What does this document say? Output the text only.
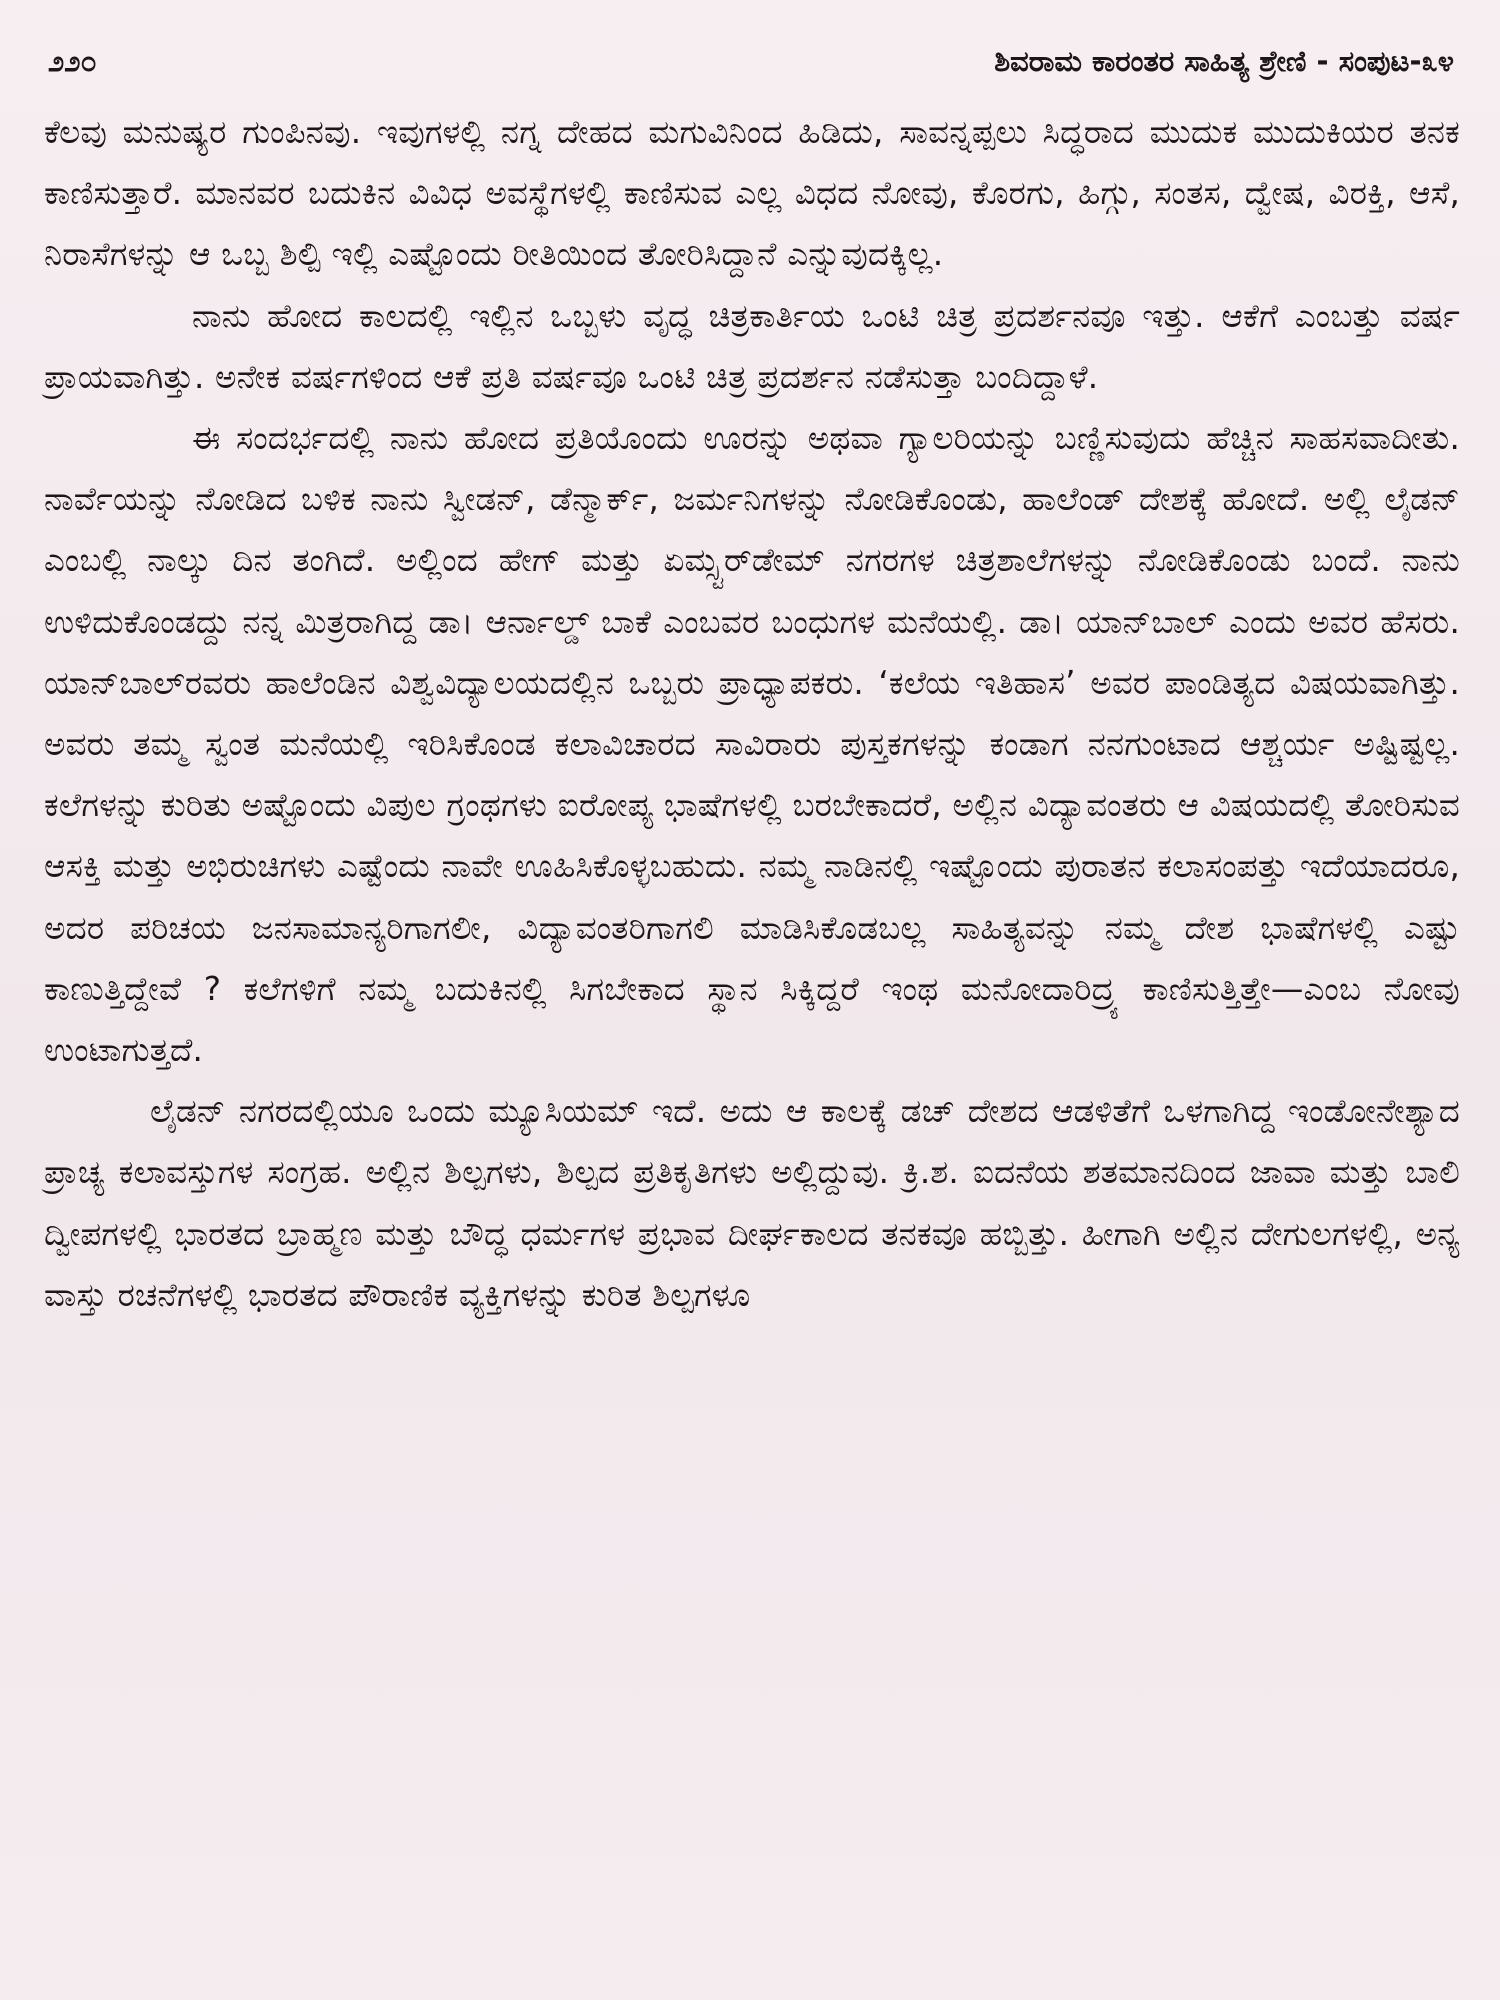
೨೨೦	ಶಿವರಾಮ ಕಾರಂತರ ಸಾಹಿತ್ಯ ಶ್ರೇಣಿ - ಸಂಪುಟ-೩೪

ಕೆಲವು ಮನುಷ್ಯರ ಗುಂಪಿನವು. ಇವುಗಳಲ್ಲಿ ನಗ್ನ ದೇಹದ ಮಗುವಿನಿಂದ ಹಿಡಿದು, ಸಾವನ್ನಪ್ಪಲು ಸಿದ್ಧರಾದ ಮುದುಕ ಮುದುಕಿಯರ ತನಕ ಕಾಣಿಸುತ್ತಾರೆ. ಮಾನವರ ಬದುಕಿನ ವಿವಿಧ ಅವಸ್ಥೆಗಳಲ್ಲಿ ಕಾಣಿಸುವ ಎಲ್ಲ ವಿಧದ ನೋವು, ಕೊರಗು, ಹಿಗ್ಗು, ಸಂತಸ, ದ್ವೇಷ, ವಿರಕ್ತಿ, ಆಸೆ, ನಿರಾಸೆಗಳನ್ನು ಆ ಒಬ್ಬ ಶಿಲ್ಪಿ ಇಲ್ಲಿ ಎಷ್ಟೊಂದು ರೀತಿಯಿಂದ ತೋರಿಸಿದ್ದಾನೆ ಎನ್ನುವುದಕ್ಕಿಲ್ಲ.

ನಾನು ಹೋದ ಕಾಲದಲ್ಲಿ ಇಲ್ಲಿನ ಒಬ್ಬಳು ವೃದ್ಧ ಚಿತ್ರಕಾರ್ತಿಯ ಒಂಟಿ ಚಿತ್ರ ಪ್ರದರ್ಶನವೂ ಇತ್ತು. ಆಕೆಗೆ ಎಂಬತ್ತು ವರ್ಷ ಪ್ರಾಯವಾಗಿತ್ತು. ಅನೇಕ ವರ್ಷಗಳಿಂದ ಆಕೆ ಪ್ರತಿ ವರ್ಷವೂ ಒಂಟಿ ಚಿತ್ರ ಪ್ರದರ್ಶನ ನಡೆಸುತ್ತಾ ಬಂದಿದ್ದಾಳೆ.

ಈ ಸಂದರ್ಭದಲ್ಲಿ ನಾನು ಹೋದ ಪ್ರತಿಯೊಂದು ಊರನ್ನು ಅಥವಾ ಗ್ಯಾಲರಿಯನ್ನು ಬಣ್ಣಿಸುವುದು ಹೆಚ್ಚಿನ ಸಾಹಸವಾದೀತು. ನಾರ್ವೆಯನ್ನು ನೋಡಿದ ಬಳಿಕ ನಾನು ಸ್ವೀಡನ್, ಡೆನ್ಮಾರ್ಕ್, ಜರ್ಮನಿಗಳನ್ನು ನೋಡಿಕೊಂಡು, ಹಾಲೆಂಡ್ ದೇಶಕ್ಕೆ ಹೋದೆ. ಅಲ್ಲಿ ಲೈಡನ್ ಎಂಬಲ್ಲಿ ನಾಲ್ಕು ದಿನ ತಂಗಿದೆ. ಅಲ್ಲಿಂದ ಹೇಗ್ ಮತ್ತು ಏಮ್ಸ್ಟರ್‌ಡೇಮ್ ನಗರಗಳ ಚಿತ್ರಶಾಲೆಗಳನ್ನು ನೋಡಿಕೊಂಡು ಬಂದೆ. ನಾನು ಉಳಿದುಕೊಂಡದ್ದು ನನ್ನ ಮಿತ್ರರಾಗಿದ್ದ ಡಾ। ಆರ್ನಾಲ್ಡ್ ಬಾಕೆ ಎಂಬವರ ಬಂಧುಗಳ ಮನೆಯಲ್ಲಿ. ಡಾ। ಯಾನ್‌ಬಾಲ್ ಎಂದು ಅವರ ಹೆಸರು. ಯಾನ್‌ಬಾಲ್‌ರವರು ಹಾಲೆಂಡಿನ ವಿಶ್ವವಿದ್ಯಾಲಯದಲ್ಲಿನ ಒಬ್ಬರು ಪ್ರಾಧ್ಯಾಪಕರು. ‘ಕಲೆಯ ಇತಿಹಾಸ’ ಅವರ ಪಾಂಡಿತ್ಯದ ವಿಷಯವಾಗಿತ್ತು. ಅವರು ತಮ್ಮ ಸ್ವಂತ ಮನೆಯಲ್ಲಿ ಇರಿಸಿಕೊಂಡ ಕಲಾವಿಚಾರದ ಸಾವಿರಾರು ಪುಸ್ತಕಗಳನ್ನು ಕಂಡಾಗ ನನಗುಂಟಾದ ಆಶ್ಚರ್ಯ ಅಷ್ಟಿಷ್ಟಲ್ಲ. ಕಲೆಗಳನ್ನು ಕುರಿತು ಅಷ್ಟೊಂದು ವಿಪುಲ ಗ್ರಂಥಗಳು ಐರೋಪ್ಯ ಭಾಷೆಗಳಲ್ಲಿ ಬರಬೇಕಾದರೆ, ಅಲ್ಲಿನ ವಿದ್ಯಾವಂತರು ಆ ವಿಷಯದಲ್ಲಿ ತೋರಿಸುವ ಆಸಕ್ತಿ ಮತ್ತು ಅಭಿರುಚಿಗಳು ಎಷ್ಟೆಂದು ನಾವೇ ಊಹಿಸಿಕೊಳ್ಳಬಹುದು. ನಮ್ಮ ನಾಡಿನಲ್ಲಿ ಇಷ್ಟೊಂದು ಪುರಾತನ ಕಲಾಸಂಪತ್ತು ಇದೆಯಾದರೂ, ಅದರ ಪರಿಚಯ ಜನಸಾಮಾನ್ಯರಿಗಾಗಲೀ, ವಿದ್ಯಾವಂತರಿಗಾಗಲಿ ಮಾಡಿಸಿಕೊಡಬಲ್ಲ ಸಾಹಿತ್ಯವನ್ನು ನಮ್ಮ ದೇಶ ಭಾಷೆಗಳಲ್ಲಿ ಎಷ್ಟು ಕಾಣುತ್ತಿದ್ದೇವೆ ? ಕಲೆಗಳಿಗೆ ನಮ್ಮ ಬದುಕಿನಲ್ಲಿ ಸಿಗಬೇಕಾದ ಸ್ಥಾನ ಸಿಕ್ಕಿದ್ದರೆ ಇಂಥ ಮನೋದಾರಿದ್ರ್ಯ ಕಾಣಿಸುತ್ತಿತ್ತೇ—ಎಂಬ ನೋವು ಉಂಟಾಗುತ್ತದೆ.

ಲೈಡನ್ ನಗರದಲ್ಲಿಯೂ ಒಂದು ಮ್ಯೂಸಿಯಮ್ ಇದೆ. ಅದು ಆ ಕಾಲಕ್ಕೆ ಡಚ್ ದೇಶದ ಆಡಳಿತೆಗೆ ಒಳಗಾಗಿದ್ದ ಇಂಡೋನೇಶ್ಯಾದ ಪ್ರಾಚ್ಯ ಕಲಾವಸ್ತುಗಳ ಸಂಗ್ರಹ. ಅಲ್ಲಿನ ಶಿಲ್ಪಗಳು, ಶಿಲ್ಪದ ಪ್ರತಿಕೃತಿಗಳು ಅಲ್ಲಿದ್ದುವು. ಕ್ರಿ.ಶ. ಐದನೆಯ ಶತಮಾನದಿಂದ ಜಾವಾ ಮತ್ತು ಬಾಲಿ ದ್ವೀಪಗಳಲ್ಲಿ ಭಾರತದ ಬ್ರಾಹ್ಮಣ ಮತ್ತು ಬೌದ್ಧ ಧರ್ಮಗಳ ಪ್ರಭಾವ ದೀರ್ಘಕಾಲದ ತನಕವೂ ಹಬ್ಬಿತ್ತು. ಹೀಗಾಗಿ ಅಲ್ಲಿನ ದೇಗುಲಗಳಲ್ಲಿ, ಅನ್ಯ ವಾಸ್ತು ರಚನೆಗಳಲ್ಲಿ ಭಾರತದ ಪೌರಾಣಿಕ ವ್ಯಕ್ತಿಗಳನ್ನು ಕುರಿತ ಶಿಲ್ಪಗಳೂ
